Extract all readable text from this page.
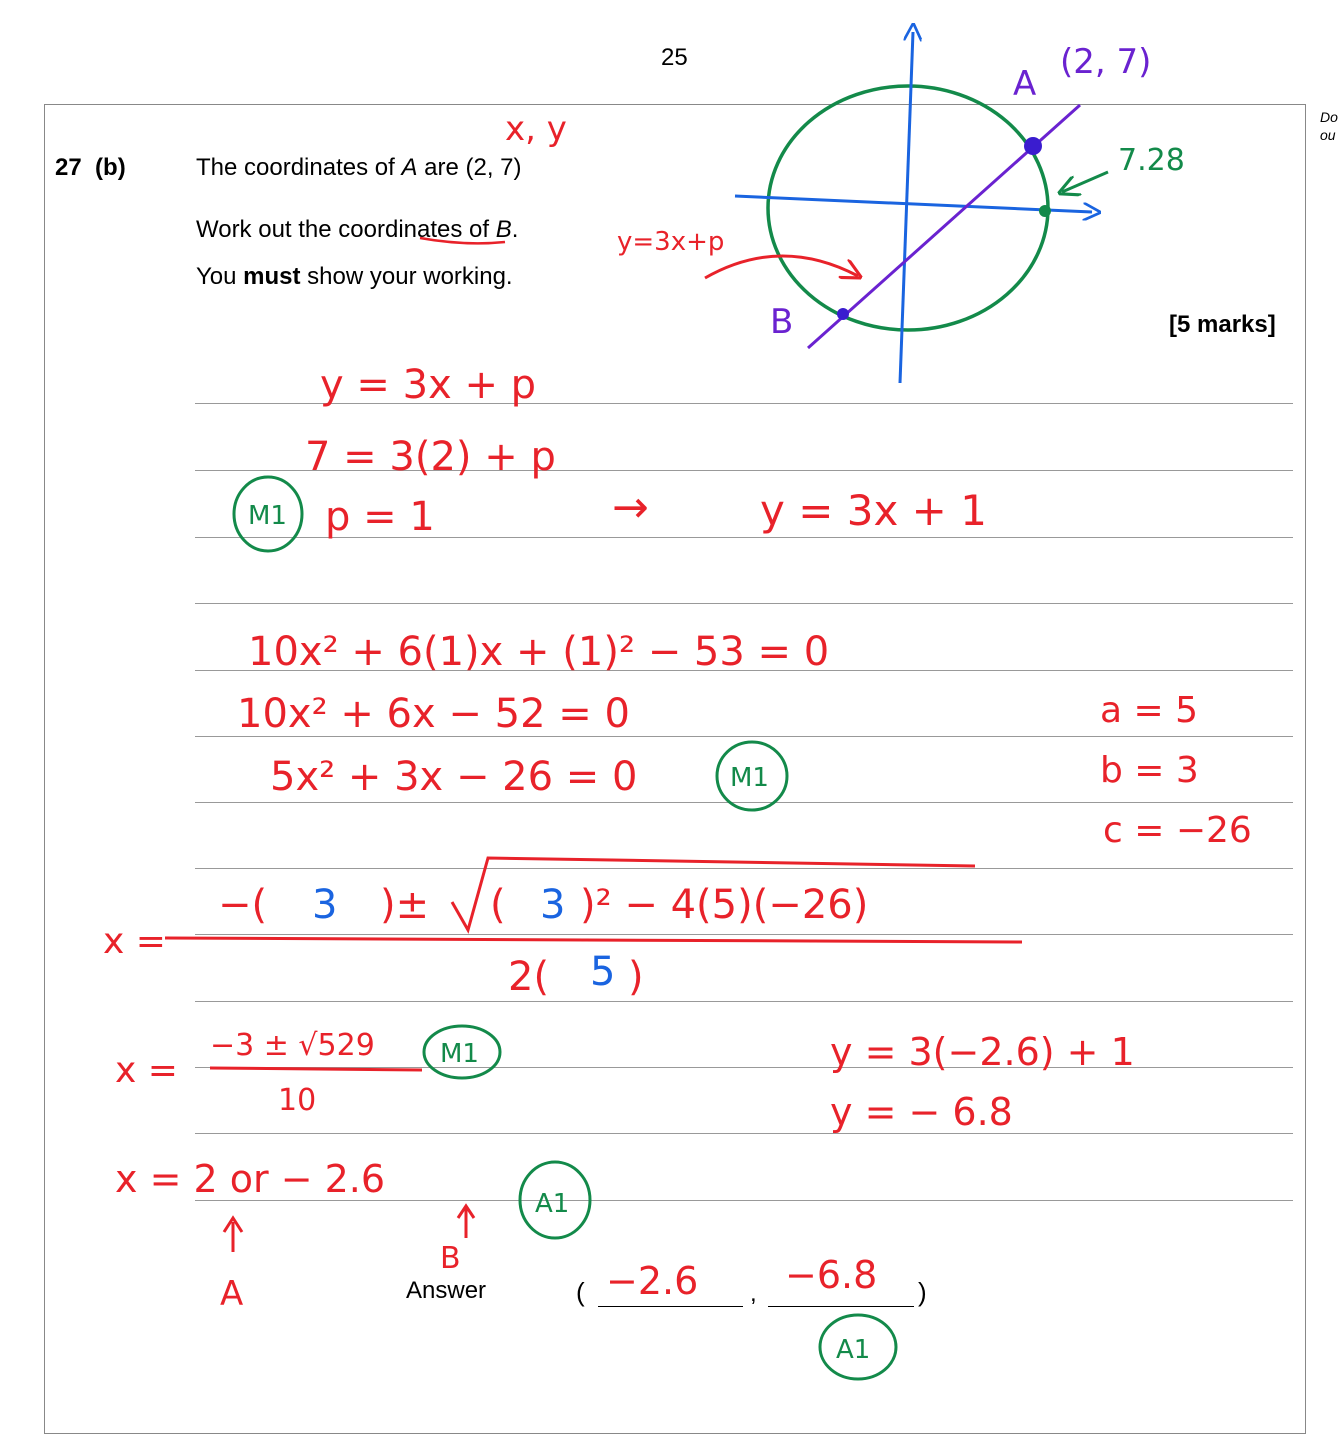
25
Do
ou
27 (b)	The coordinates of A are (2, 7)
Work out the coordinates of B.
You must show your working.
[5 marks]
Answer	(	,	)
A
(2, 7)
B
7.28
y=3x+p
x, y
y = 3x + p
7 = 3(2) + p
p = 1	→	y = 3x + 1
10x² + 6(1)x + (1)² − 53 = 0
10x² + 6x − 52 = 0
5x² + 3x − 26 = 0
a = 5
b = 3
c = −26
x =
−( 3 )± ( 3 )² − 4(5)(−26)
2( 5 )
x =
−3 ± √529
10
x = 2 or − 2.6
y = 3(−2.6) + 1
y = − 6.8
A
B
−2.6 −6.8
M1
M1
M1
A1
A1
